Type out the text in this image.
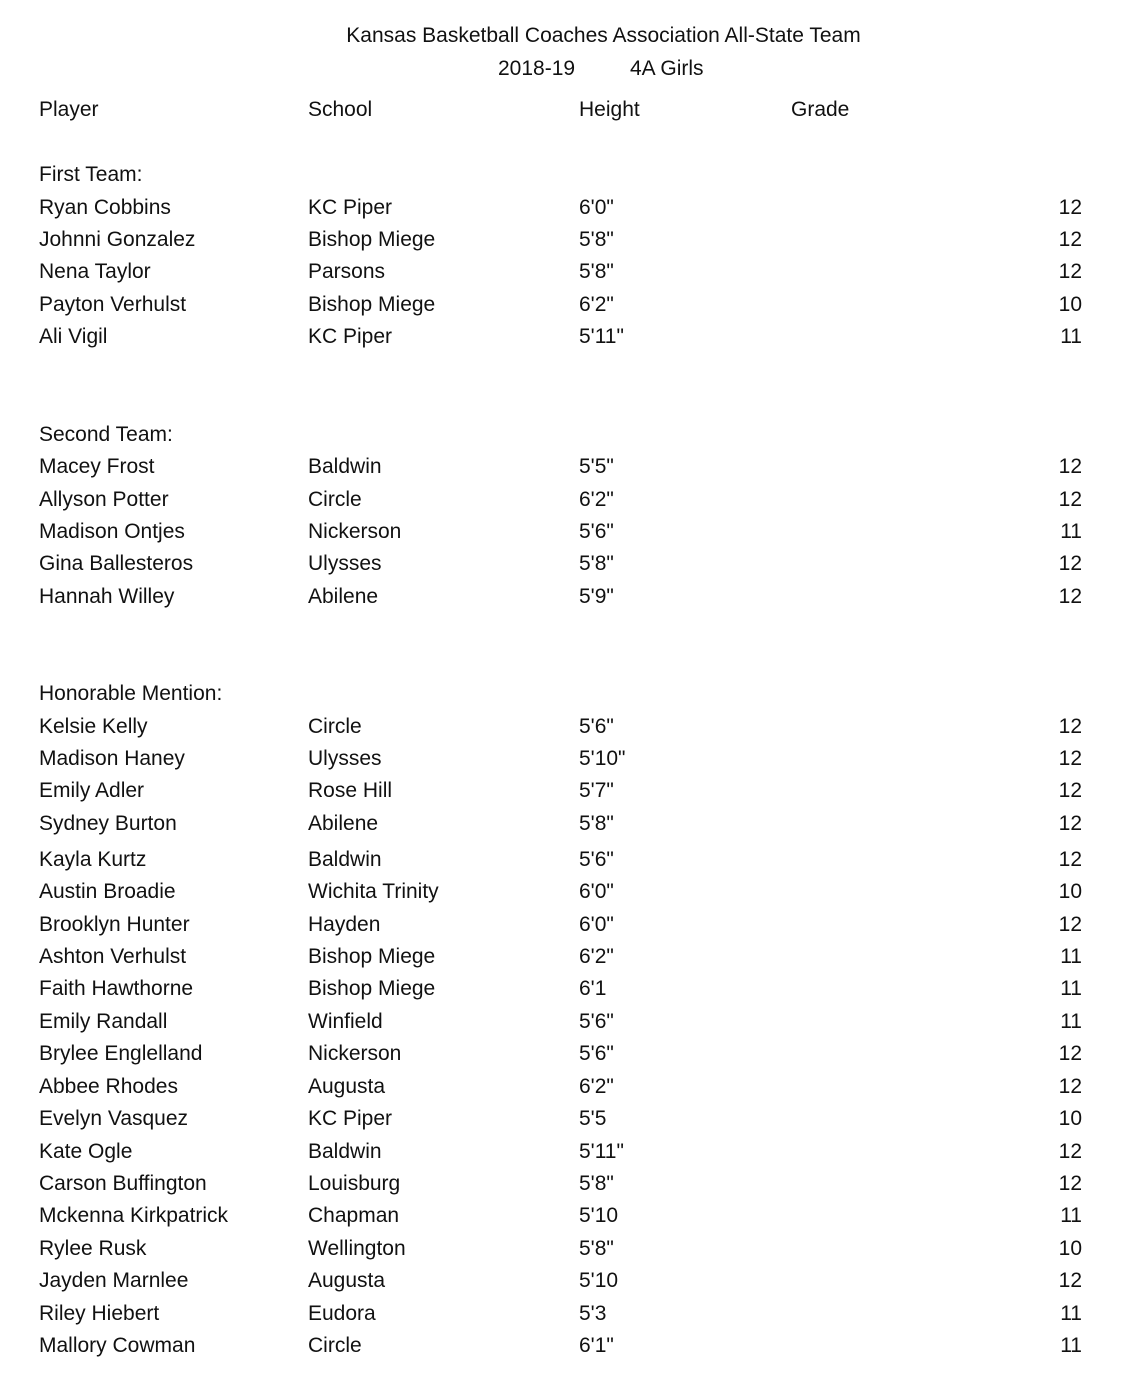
Kansas Basketball Coaches Association All-State Team
2018-19	4A Girls
Player	School	Height	Grade
First Team:
Ryan Cobbins	KC Piper	6'0"	12
Johnni Gonzalez	Bishop Miege	5'8"	12
Nena Taylor	Parsons	5'8"	12
Payton Verhulst	Bishop Miege	6'2"	10
Ali Vigil	KC Piper	5'11"	11
Second Team:
Macey Frost	Baldwin	5'5"	12
Allyson Potter	Circle	6'2"	12
Madison Ontjes	Nickerson	5'6"	11
Gina Ballesteros	Ulysses	5'8"	12
Hannah Willey	Abilene	5'9"	12
Honorable Mention:
Kelsie Kelly	Circle	5'6"	12
Madison Haney	Ulysses	5'10"	12
Emily Adler	Rose Hill	5'7"	12
Sydney Burton	Abilene	5'8"	12
Kayla Kurtz	Baldwin	5'6"	12
Austin Broadie	Wichita Trinity	6'0"	10
Brooklyn Hunter	Hayden	6'0"	12
Ashton Verhulst	Bishop Miege	6'2"	11
Faith Hawthorne	Bishop Miege	6'1	11
Emily Randall	Winfield	5'6"	11
Brylee Englelland	Nickerson	5'6"	12
Abbee Rhodes	Augusta	6'2"	12
Evelyn Vasquez	KC Piper	5'5	10
Kate Ogle	Baldwin	5'11"	12
Carson Buffington	Louisburg	5'8"	12
Mckenna Kirkpatrick	Chapman	5'10	11
Rylee Rusk	Wellington	5'8"	10
Jayden Marnlee	Augusta	5'10	12
Riley Hiebert	Eudora	5'3	11
Mallory Cowman	Circle	6'1"	11
